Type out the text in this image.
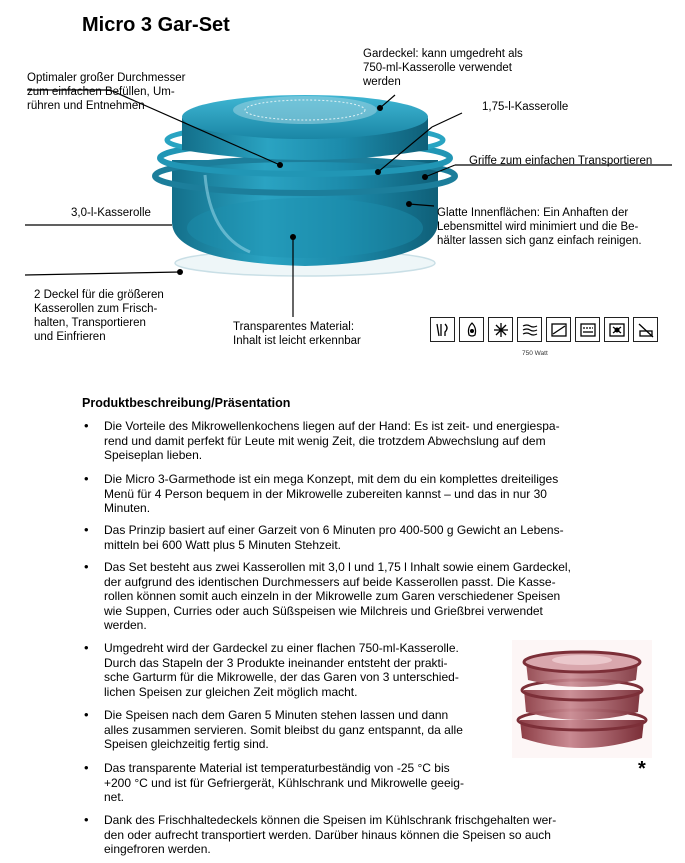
Micro 3 Gar-Set
Gardeckel: kann umgedreht als
750-ml-Kasserolle verwendet
werden
Optimaler großer Durchmesser
zum einfachen Befüllen, Um-
rühren und Entnehmen	1,75-l-Kasserolle
Griffe zum einfachen Transportieren
3,0-l-Kasserolle	Glatte Innenflächen: Ein Anhaften der
Lebensmittel wird minimiert und die Be-
hälter lassen sich ganz einfach reinigen.
2 Deckel für die größeren
Kasserollen zum Frisch-
halten, Transportieren
und Einfrieren
Transparentes Material:
Inhalt ist leicht erkennbar
750 Watt
Produktbeschreibung/Präsentation
• Die Vorteile des Mikrowellenkochens liegen auf der Hand: Es ist zeit- und energiespa-
rend und damit perfekt für Leute mit wenig Zeit, die trotzdem Abwechslung auf dem
Speiseplan lieben.
• Die Micro 3-Garmethode ist ein mega Konzept, mit dem du ein komplettes dreiteiliges
Menü für 4 Person bequem in der Mikrowelle zubereiten kannst – und das in nur 30
Minuten.
• Das Prinzip basiert auf einer Garzeit von 6 Minuten pro 400-500 g Gewicht an Lebens-
mitteln bei 600 Watt plus 5 Minuten Stehzeit.
• Das Set besteht aus zwei Kasserollen mit 3,0 l und 1,75 l Inhalt sowie einem Gardeckel,
der aufgrund des identischen Durchmessers auf beide Kasserollen passt. Die Kasse-
rollen können somit auch einzeln in der Mikrowelle zum Garen verschiedener Speisen
wie Suppen, Curries oder auch Süßspeisen wie Milchreis und Grießbrei verwendet
werden.
• Umgedreht wird der Gardeckel zu einer flachen 750-ml-Kasserolle.
Durch das Stapeln der 3 Produkte ineinander entsteht der prakti-
sche Garturm für die Mikrowelle, der das Garen von 3 unterschied-
lichen Speisen zur gleichen Zeit möglich macht.
• Die Speisen nach dem Garen 5 Minuten stehen lassen und dann
alles zusammen servieren. Somit bleibst du ganz entspannt, da alle
Speisen gleichzeitig fertig sind.
• Das transparente Material ist temperaturbeständig von -25 °C bis
+200 °C und ist für Gefriergerät, Kühlschrank und Mikrowelle geeig-
net.
• Dank des Frischhaltedeckels können die Speisen im Kühlschrank frischgehalten wer-
den oder aufrecht transportiert werden. Darüber hinaus können die Speisen so auch
eingefroren werden.
*
